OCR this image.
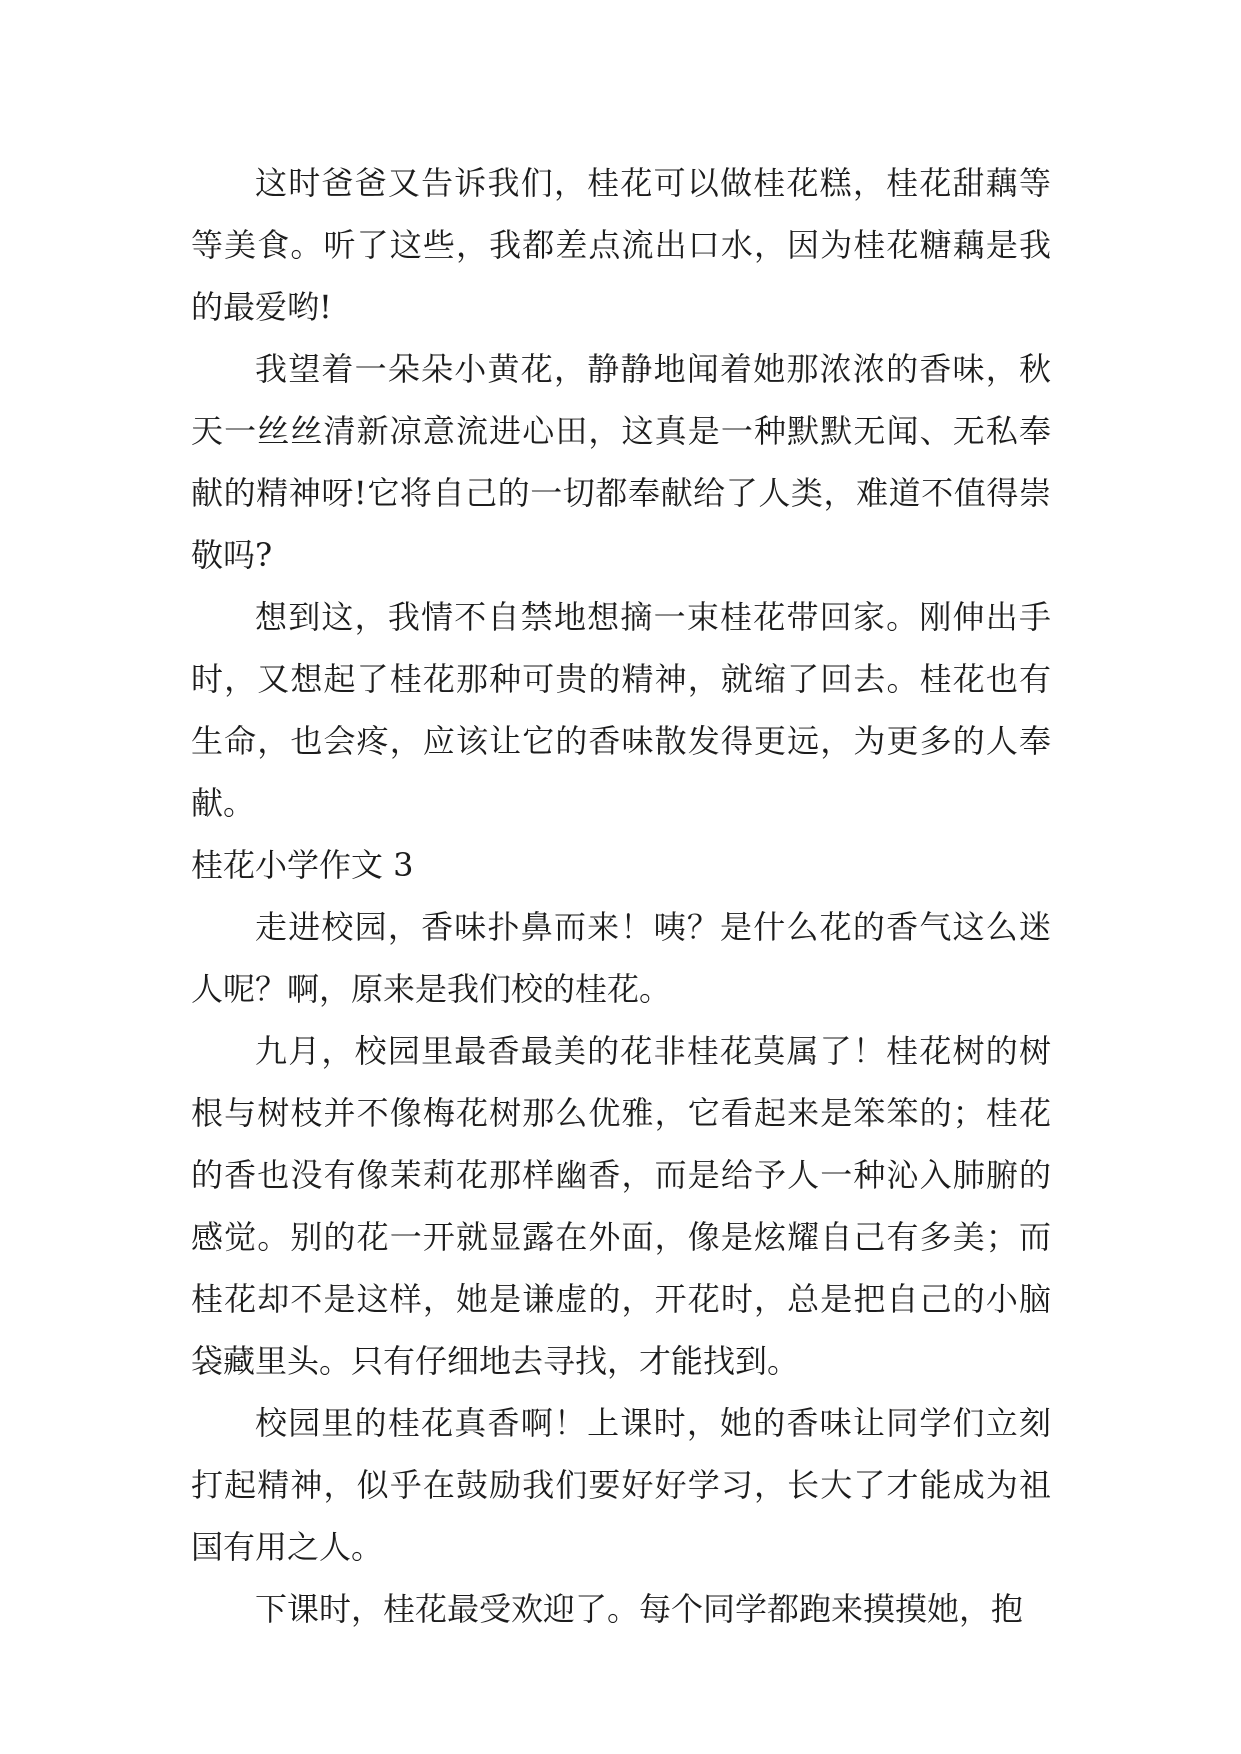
这时爸爸又告诉我们，桂花可以做桂花糕，桂花甜藕等等美食。听了这些，我都差点流出口水，因为桂花糖藕是我的最爱哟!

我望着一朵朵小黄花，静静地闻着她那浓浓的香味，秋天一丝丝清新凉意流进心田，这真是一种默默无闻、无私奉献的精神呀!它将自己的一切都奉献给了人类，难道不值得崇敬吗?

想到这，我情不自禁地想摘一束桂花带回家。刚伸出手时，又想起了桂花那种可贵的精神，就缩了回去。桂花也有生命，也会疼，应该让它的香味散发得更远，为更多的人奉献。

桂花小学作文 3

走进校园，香味扑鼻而来！咦？是什么花的香气这么迷人呢？啊，原来是我们校的桂花。

九月，校园里最香最美的花非桂花莫属了！桂花树的树根与树枝并不像梅花树那么优雅，它看起来是笨笨的；桂花的香也没有像茉莉花那样幽香，而是给予人一种沁入肺腑的感觉。别的花一开就显露在外面，像是炫耀自己有多美；而桂花却不是这样，她是谦虚的，开花时，总是把自己的小脑袋藏里头。只有仔细地去寻找，才能找到。

校园里的桂花真香啊！上课时，她的香味让同学们立刻打起精神，似乎在鼓励我们要好好学习，长大了才能成为祖国有用之人。

下课时，桂花最受欢迎了。每个同学都跑来摸摸她，抱
